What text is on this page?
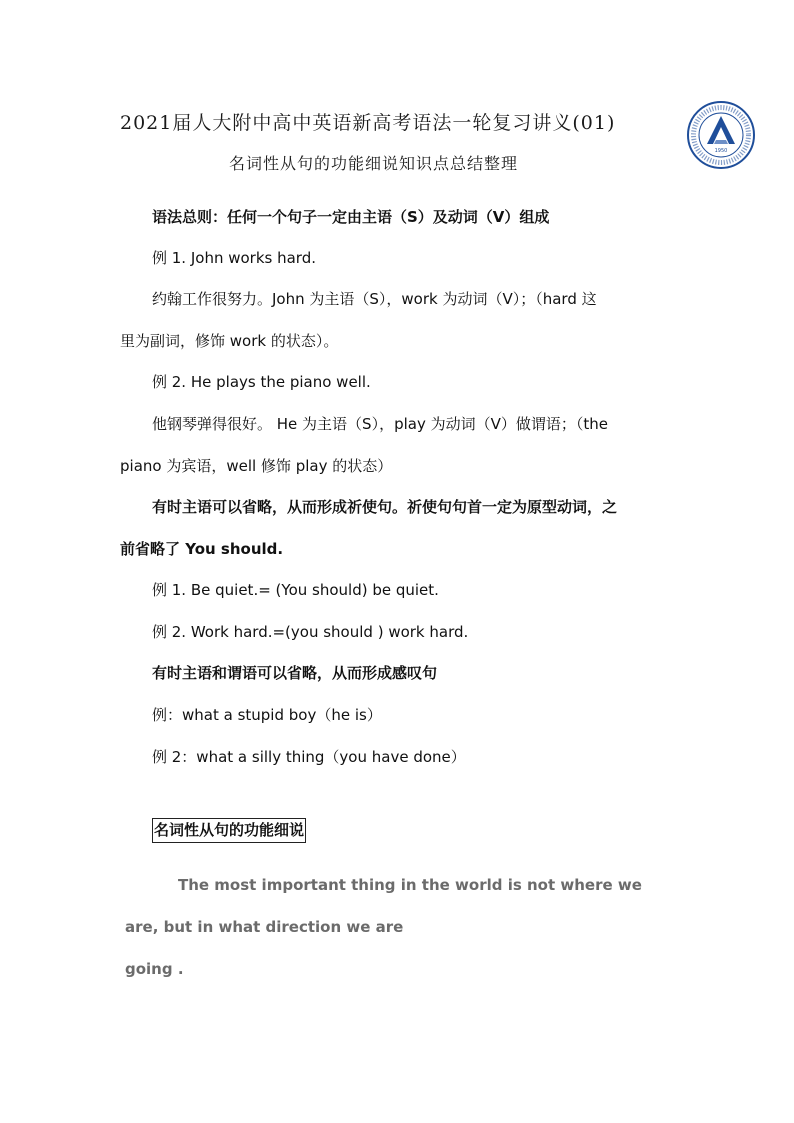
2021届人大附中高中英语新高考语法一轮复习讲义(01)
1950
名词性从句的功能细说知识点总结整理
语法总则：任何一个句子一定由主语（S）及动词（V）组成
例 1. John works hard.
约翰工作很努力。John 为主语（S），work 为动词（V）；（hard 这
里为副词，修饰 work 的状态）。
例 2. He plays the piano well.
他钢琴弹得很好。 He 为主语（S），play 为动词（V）做谓语；（the
piano 为宾语，well 修饰 play 的状态）
有时主语可以省略，从而形成祈使句。祈使句句首一定为原型动词，之
前省略了 You should.
例 1. Be quiet.= (You should) be quiet.
例 2. Work hard.=(you should ) work hard.
有时主语和谓语可以省略，从而形成感叹句
例：what a stupid boy（he is）
例 2：what a silly thing（you have done）
名词性从句的功能细说
The most important thing in the world is not where we
are, but in what direction we are
going .
